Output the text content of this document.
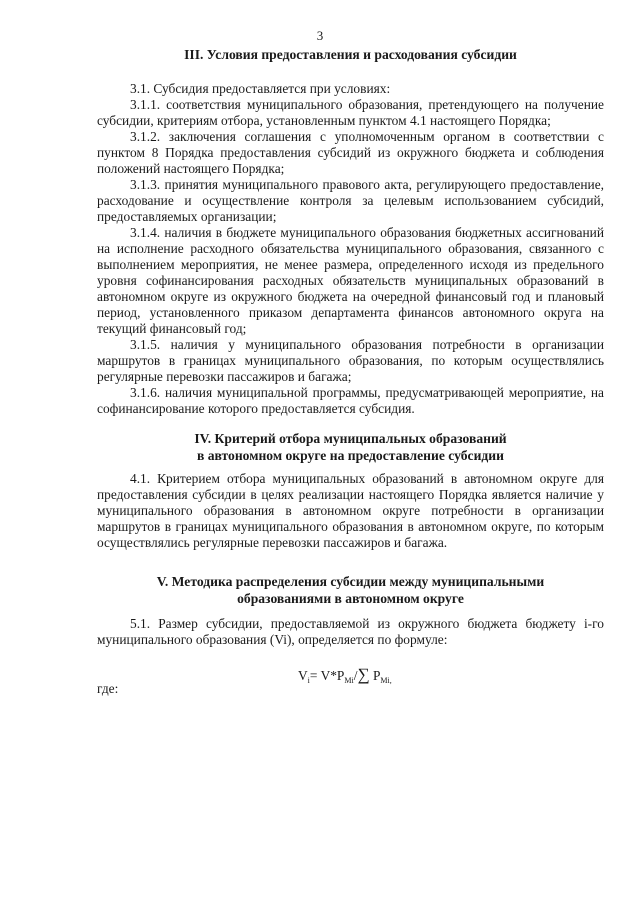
3
III. Условия предоставления и расходования субсидии

3.1. Субсидия предоставляется при условиях:

3.1.1. соответствия муниципального образования, претендующего на получение субсидии, критериям отбора, установленным пунктом 4.1 настоящего Порядка;

3.1.2. заключения соглашения с уполномоченным органом в соответствии с пунктом 8 Порядка предоставления субсидий из окружного бюджета и соблюдения положений настоящего Порядка;

3.1.3. принятия муниципального правового акта, регулирующего предоставление, расходование и осуществление контроля за целевым использованием субсидий, предоставляемых организации;

3.1.4. наличия в бюджете муниципального образования бюджетных ассигнований на исполнение расходного обязательства муниципального образования, связанного с выполнением мероприятия, не менее размера, определенного исходя из предельного уровня софинансирования расходных обязательств муниципальных образований в автономном округе из окружного бюджета на очередной финансовый год и плановый период, установленного приказом департамента финансов автономного округа на текущий финансовый год;

3.1.5. наличия у муниципального образования потребности в организации маршрутов в границах муниципального образования, по которым осуществлялись регулярные перевозки пассажиров и багажа;

3.1.6. наличия муниципальной программы, предусматривающей мероприятие, на софинансирование которого предоставляется субсидия.

IV. Критерий отбора муниципальных образований
в автономном округе на предоставление субсидии

4.1. Критерием отбора муниципальных образований в автономном округе для предоставления субсидии в целях реализации настоящего Порядка является наличие у муниципального образования в автономном округе потребности в организации маршрутов в границах муниципального образования в автономном округе, по которым осуществлялись регулярные перевозки пассажиров и багажа.

V. Методика распределения субсидии между муниципальными
образованиями в автономном округе

5.1. Размер субсидии, предоставляемой из окружного бюджета бюджету i-го муниципального образования (Vi), определяется по формуле:

$V_i= V*P_{Mi}/\sum$ $P_{Mi,}$
где:
